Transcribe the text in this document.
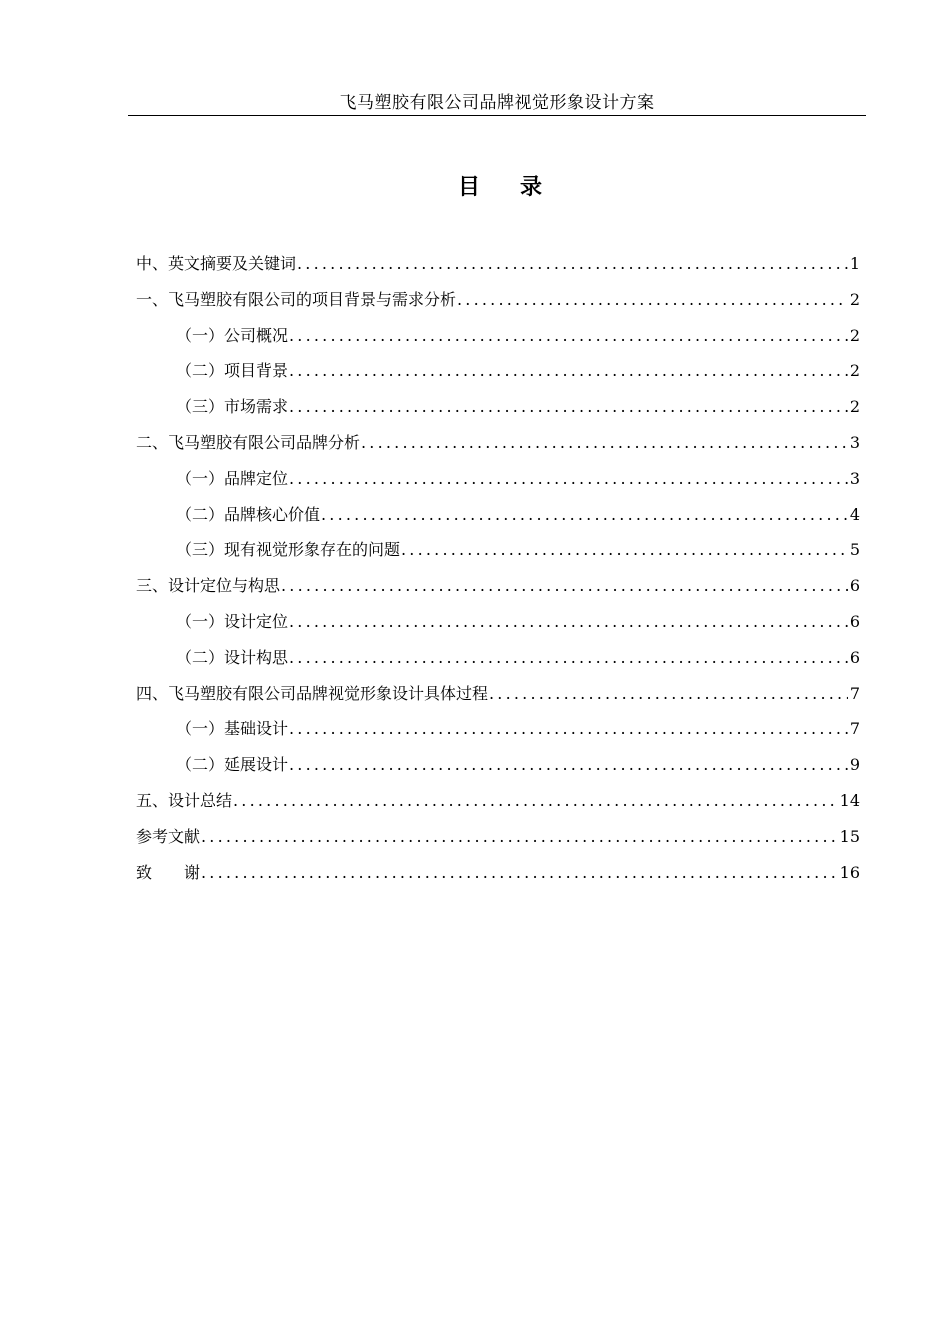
飞马塑胶有限公司品牌视觉形象设计方案
目 录
中、英文摘要及关键词 .....	1
一、飞马塑胶有限公司的项目背景与需求分析 .....	2
（一）公司概况 .....	2
（二）项目背景 .....	2
（三）市场需求 .....	2
二、飞马塑胶有限公司品牌分析 .....	3
（一）品牌定位 .....	3
（二）品牌核心价值 .....	4
（三）现有视觉形象存在的问题 .....	5
三、设计定位与构思 .....	6
（一）设计定位 .....	6
（二）设计构思 .....	6
四、飞马塑胶有限公司品牌视觉形象设计具体过程 .....	7
（一）基础设计 .....	7
（二）延展设计 .....	9
五、设计总结 .....	14
参考文献 .....	15
致　　谢 .....	16
